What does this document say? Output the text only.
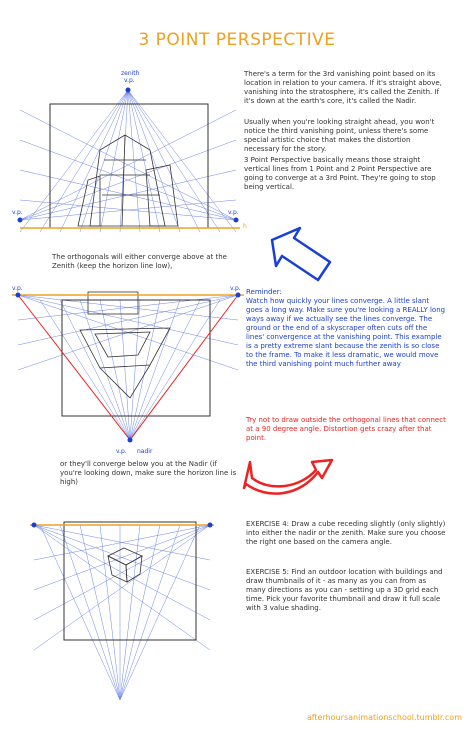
3 POINT PERSPECTIVE
zenith
v.p.
v.p.	v.p.
h
There's a term for the 3rd vanishing point based on its location in relation to your camera. If it's straight above, vanishing into the stratosphere, it's called the Zenith. If it's down at the earth's core, it's called the Nadir.
Usually when you're looking straight ahead, you won't notice the third vanishing point, unless there's some special artistic choice that makes the distortion necessary for the story.
3 Point Perspective basically means those straight vertical lines from 1 Point and 2 Point Perspective are going to converge at a 3rd Point. They're going to stop being vertical.
The orthogonals will either converge above at the Zenith (keep the horizon line low),
v.p.	v.p.
v.p. nadir
Reminder:
Watch how quickly your lines converge. A little slant goes a long way. Make sure you're looking a REALLY long ways away if we actually see the lines converge. The ground or the end of a skyscraper often cuts off the lines' convergence at the vanishing point. This example is a pretty extreme slant because the zenith is so close to the frame. To make it less dramatic, we would move the third vanishing point much further away
Try not to draw outside the orthogonal lines that connect at a 90 degree angle. Distortion gets crazy after that point.
or they'll converge below you at the Nadir (if you're looking down, make sure the horizon line is high)
EXERCISE 4: Draw a cube receding slightly (only slightly) into either the nadir or the zenith. Make sure you choose the right one based on the camera angle.
EXERCISE 5: Find an outdoor location with buildings and draw thumbnails of it - as many as you can from as many directions as you can - setting up a 3D grid each time. Pick your favorite thumbnail and draw it full scale with 3 value shading.
afterhoursanimationschool.tumblr.com
